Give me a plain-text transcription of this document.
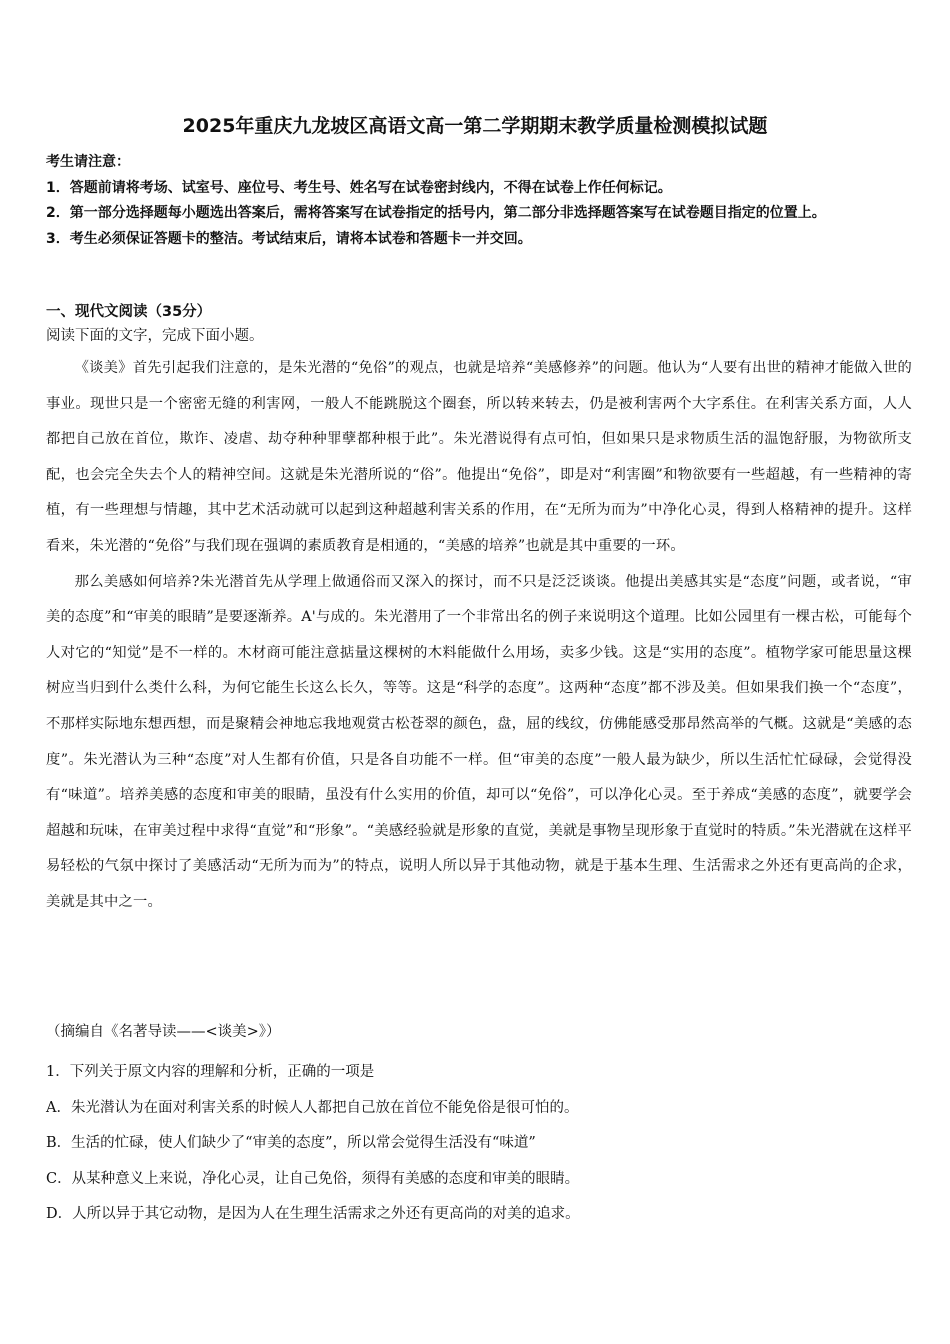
2025年重庆九龙坡区高语文高一第二学期期末教学质量检测模拟试题

考生请注意：

1．答题前请将考场、试室号、座位号、考生号、姓名写在试卷密封线内，不得在试卷上作任何标记。

2．第一部分选择题每小题选出答案后，需将答案写在试卷指定的括号内，第二部分非选择题答案写在试卷题目指定的位置上。

3．考生必须保证答题卡的整洁。考试结束后，请将本试卷和答题卡一并交回。

一、现代文阅读（35分）

阅读下面的文字，完成下面小题。

《谈美》首先引起我们注意的，是朱光潜的“免俗”的观点，也就是培养“美感修养”的问题。他认为“人要有出世的精神才能做入世的事业。现世只是一个密密无缝的利害网，一般人不能跳脱这个圈套，所以转来转去，仍是被利害两个大字系住。在利害关系方面，人人都把自己放在首位，欺诈、凌虐、劫夺种种罪孽都种根于此”。朱光潜说得有点可怕，但如果只是求物质生活的温饱舒服，为物欲所支配，也会完全失去个人的精神空间。这就是朱光潜所说的“俗”。他提出“免俗”，即是对“利害圈”和物欲要有一些超越，有一些精神的寄植，有一些理想与情趣，其中艺术活动就可以起到这种超越利害关系的作用，在“无所为而为”中净化心灵，得到人格精神的提升。这样看来，朱光潜的“免俗”与我们现在强调的素质教育是相通的，“美感的培养”也就是其中重要的一环。

那么美感如何培养?朱光潜首先从学理上做通俗而又深入的探讨，而不只是泛泛谈谈。他提出美感其实是“态度”问题，或者说，“审美的态度”和“审美的眼睛”是要逐渐养。A'与成的。朱光潜用了一个非常出名的例子来说明这个道理。比如公园里有一棵古松，可能每个人对它的“知觉”是不一样的。木材商可能注意掂量这棵树的木料能做什么用场，卖多少钱。这是“实用的态度”。植物学家可能思量这棵树应当归到什么类什么科，为何它能生长这么长久，等等。这是“科学的态度”。这两种“态度”都不涉及美。但如果我们换一个“态度”，不那样实际地东想西想，而是聚精会神地忘我地观赏古松苍翠的颜色，盘，屈的线纹，仿佛能感受那昂然高举的气概。这就是“美感的态度”。朱光潜认为三种“态度”对人生都有价值，只是各自功能不一样。但“审美的态度”一般人最为缺少，所以生活忙忙碌碌，会觉得没有“味道”。培养美感的态度和审美的眼睛，虽没有什么实用的价值，却可以“免俗”，可以净化心灵。至于养成“美感的态度”，就要学会超越和玩味，在审美过程中求得“直觉”和“形象”。“美感经验就是形象的直觉，美就是事物呈现形象于直觉时的特质。”朱光潜就在这样平易轻松的气氛中探讨了美感活动“无所为而为”的特点，说明人所以异于其他动物，就是于基本生理、生活需求之外还有更高尚的企求，美就是其中之一。

（摘编自《名著导读——<谈美>》）

1．下列关于原文内容的理解和分析，正确的一项是

A．朱光潜认为在面对利害关系的时候人人都把自己放在首位不能免俗是很可怕的。

B．生活的忙碌，使人们缺少了“审美的态度”，所以常会觉得生活没有“味道”

C．从某种意义上来说，净化心灵，让自己免俗，须得有美感的态度和审美的眼睛。

D．人所以异于其它动物，是因为人在生理生活需求之外还有更高尚的对美的追求。
